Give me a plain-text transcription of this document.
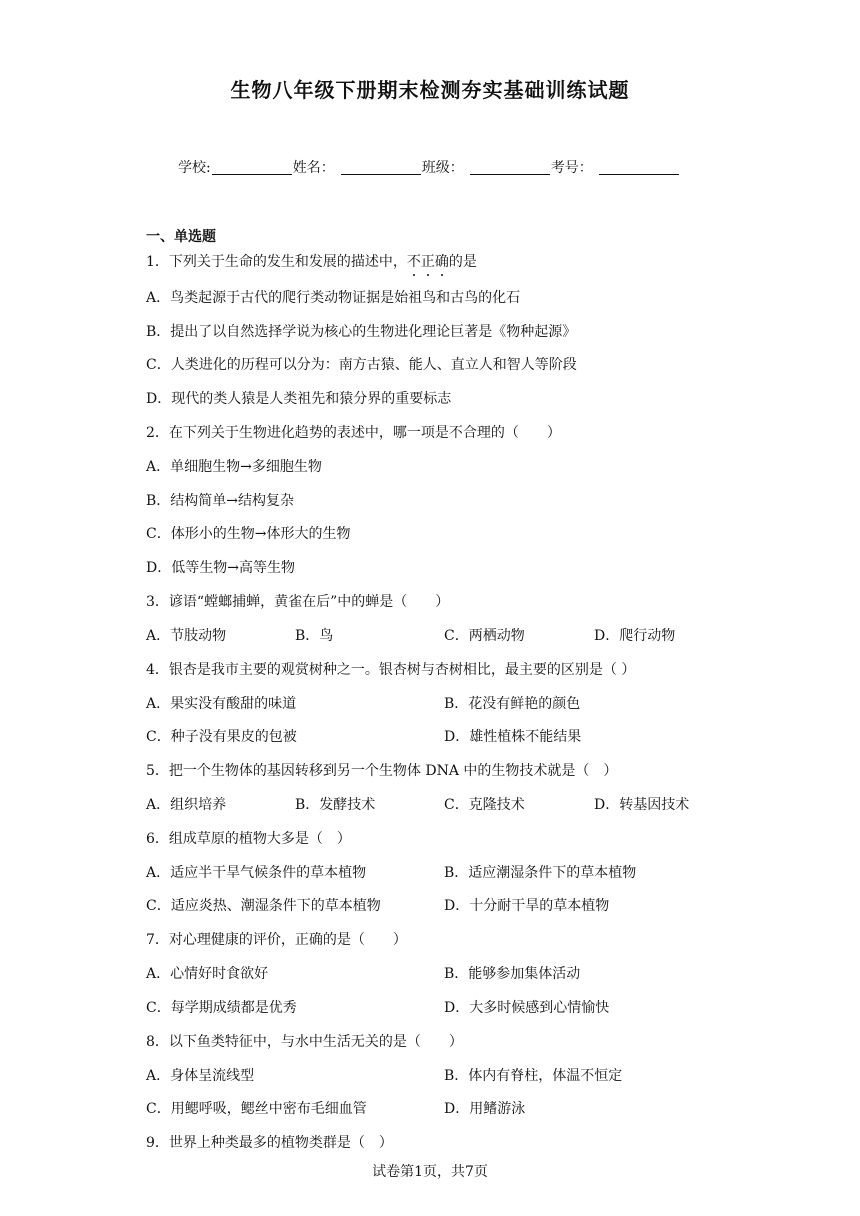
生物八年级下册期末检测夯实基础训练试题
学校:	姓名：	班级：	考号：
一、单选题
1．下列关于生命的发生和发展的描述中，不正确的是
A．鸟类起源于古代的爬行类动物证据是始祖鸟和古鸟的化石
B．提出了以自然选择学说为核心的生物进化理论巨著是《物种起源》
C．人类进化的历程可以分为：南方古猿、能人、直立人和智人等阶段
D．现代的类人猿是人类祖先和猿分界的重要标志
2．在下列关于生物进化趋势的表述中，哪一项是不合理的（　　）
A．单细胞生物→多细胞生物
B．结构简单→结构复杂
C．体形小的生物→体形大的生物
D．低等生物→高等生物
3．谚语“螳螂捕蝉，黄雀在后”中的蝉是（　　）
A．节肢动物	B．鸟	C．两栖动物	D．爬行动物
4．银杏是我市主要的观赏树种之一。银杏树与杏树相比，最主要的区别是（ ）
A．果实没有酸甜的味道	B．花没有鲜艳的颜色
C．种子没有果皮的包被	D．雄性植株不能结果
5．把一个生物体的基因转移到另一个生物体 DNA 中的生物技术就是（　）
A．组织培养	B．发酵技术	C．克隆技术	D．转基因技术
6．组成草原的植物大多是（　）
A．适应半干旱气候条件的草本植物	B．适应潮湿条件下的草本植物
C．适应炎热、潮湿条件下的草本植物	D．十分耐干旱的草本植物
7．对心理健康的评价，正确的是（　　）
A．心情好时食欲好	B．能够参加集体活动
C．每学期成绩都是优秀	D．大多时候感到心情愉快
8．以下鱼类特征中，与水中生活无关的是（　　）
A．身体呈流线型	B．体内有脊柱，体温不恒定
C．用鳃呼吸，鳃丝中密布毛细血管	D．用鳍游泳
9．世界上种类最多的植物类群是（　）
试卷第1页，共7页
